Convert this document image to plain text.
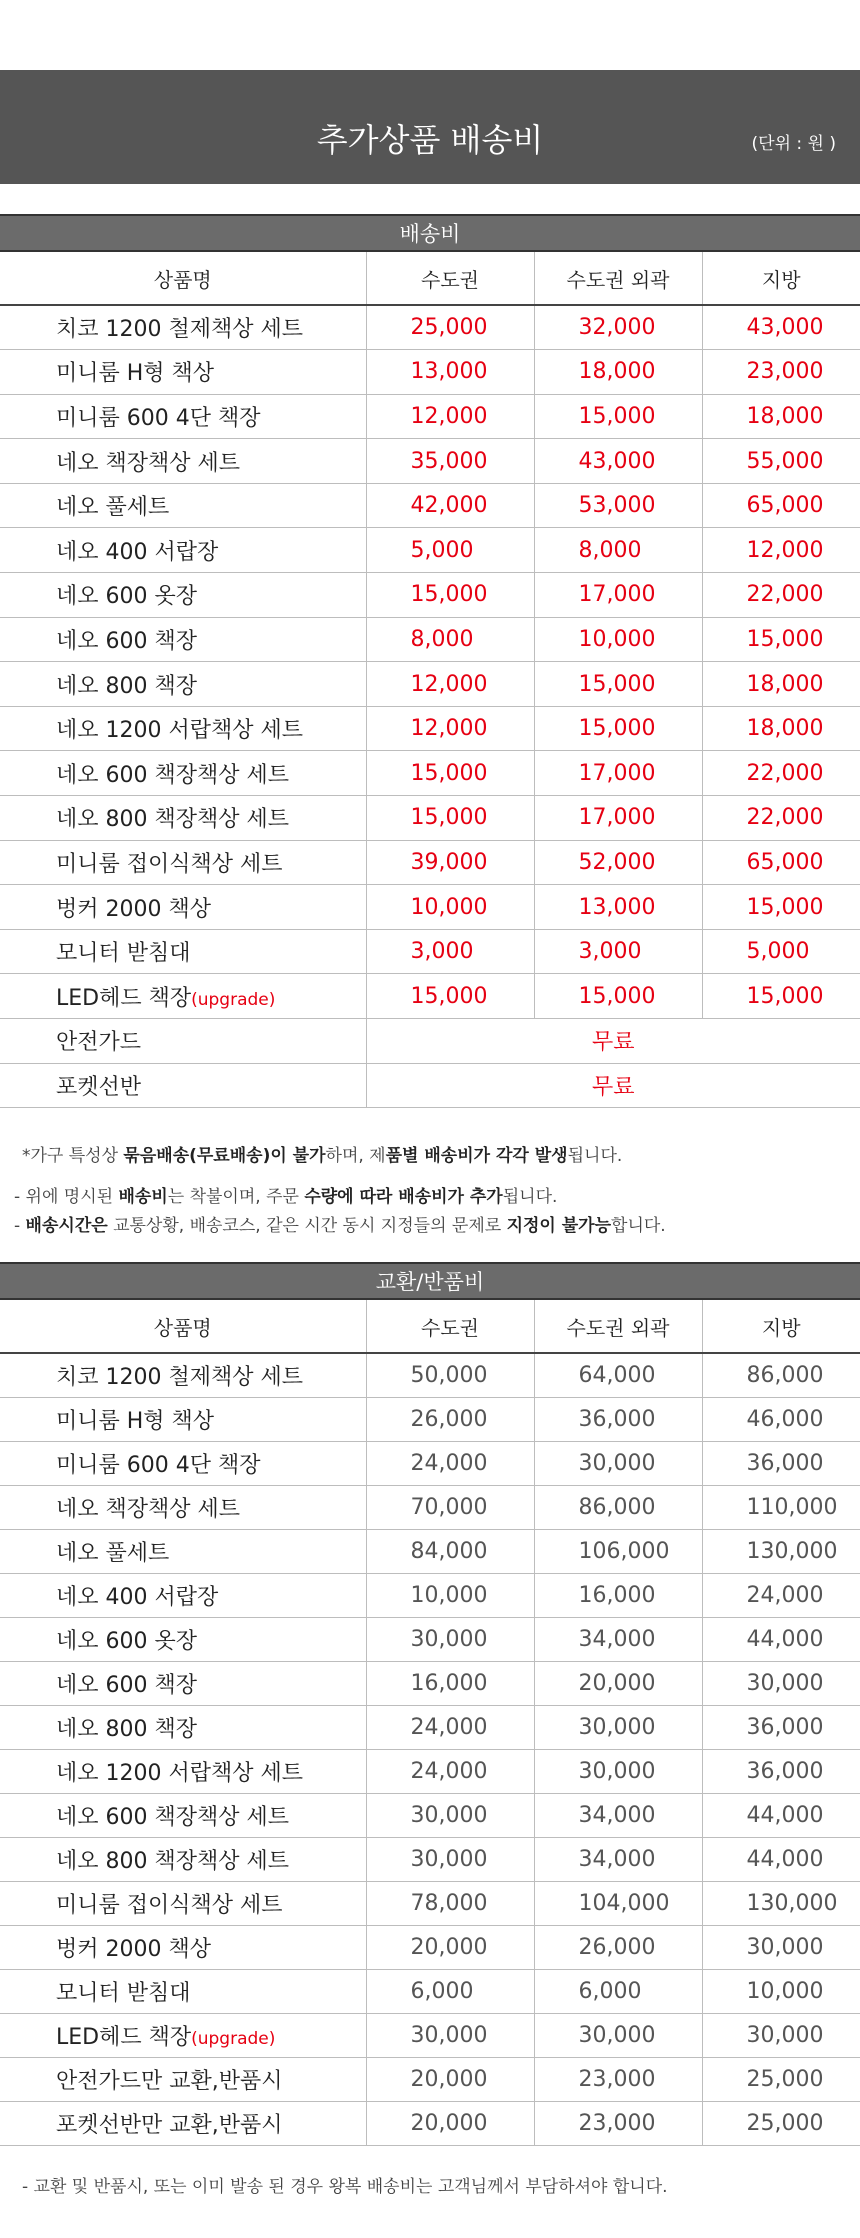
추가상품 배송비	(단위 : 원 )
배송비
상품명	수도권	수도권 외곽	지방
치코 1200 철제책상 세트	25,000	32,000	43,000
미니룸 H형 책상	13,000	18,000	23,000
미니룸 600 4단 책장	12,000	15,000	18,000
네오 책장책상 세트	35,000	43,000	55,000
네오 풀세트	42,000	53,000	65,000
네오 400 서랍장	5,000	8,000	12,000
네오 600 옷장	15,000	17,000	22,000
네오 600 책장	8,000	10,000	15,000
네오 800 책장	12,000	15,000	18,000
네오 1200 서랍책상 세트	12,000	15,000	18,000
네오 600 책장책상 세트	15,000	17,000	22,000
네오 800 책장책상 세트	15,000	17,000	22,000
미니룸 접이식책상 세트	39,000	52,000	65,000
벙커 2000 책상	10,000	13,000	15,000
모니터 받침대	3,000	3,000	5,000
LED헤드 책장(upgrade)	15,000	15,000	15,000
안전가드	무료		
포켓선반	무료		
*가구 특성상 묶음배송(무료배송)이 불가하며, 제품별 배송비가 각각 발생됩니다.
- 위에 명시된 배송비는 착불이며, 주문 수량에 따라 배송비가 추가됩니다.
- 배송시간은 교통상황, 배송코스, 같은 시간 동시 지정들의 문제로 지정이 불가능합니다.
교환/반품비
상품명	수도권	수도권 외곽	지방
치코 1200 철제책상 세트	50,000	64,000	86,000
미니룸 H형 책상	26,000	36,000	46,000
미니룸 600 4단 책장	24,000	30,000	36,000
네오 책장책상 세트	70,000	86,000	110,000
네오 풀세트	84,000	106,000	130,000
네오 400 서랍장	10,000	16,000	24,000
네오 600 옷장	30,000	34,000	44,000
네오 600 책장	16,000	20,000	30,000
네오 800 책장	24,000	30,000	36,000
네오 1200 서랍책상 세트	24,000	30,000	36,000
네오 600 책장책상 세트	30,000	34,000	44,000
네오 800 책장책상 세트	30,000	34,000	44,000
미니룸 접이식책상 세트	78,000	104,000	130,000
벙커 2000 책상	20,000	26,000	30,000
모니터 받침대	6,000	6,000	10,000
LED헤드 책장(upgrade)	30,000	30,000	30,000
안전가드만 교환,반품시	20,000	23,000	25,000
포켓선반만 교환,반품시	20,000	23,000	25,000
- 교환 및 반품시, 또는 이미 발송 된 경우 왕복 배송비는 고객님께서 부담하셔야 합니다.
